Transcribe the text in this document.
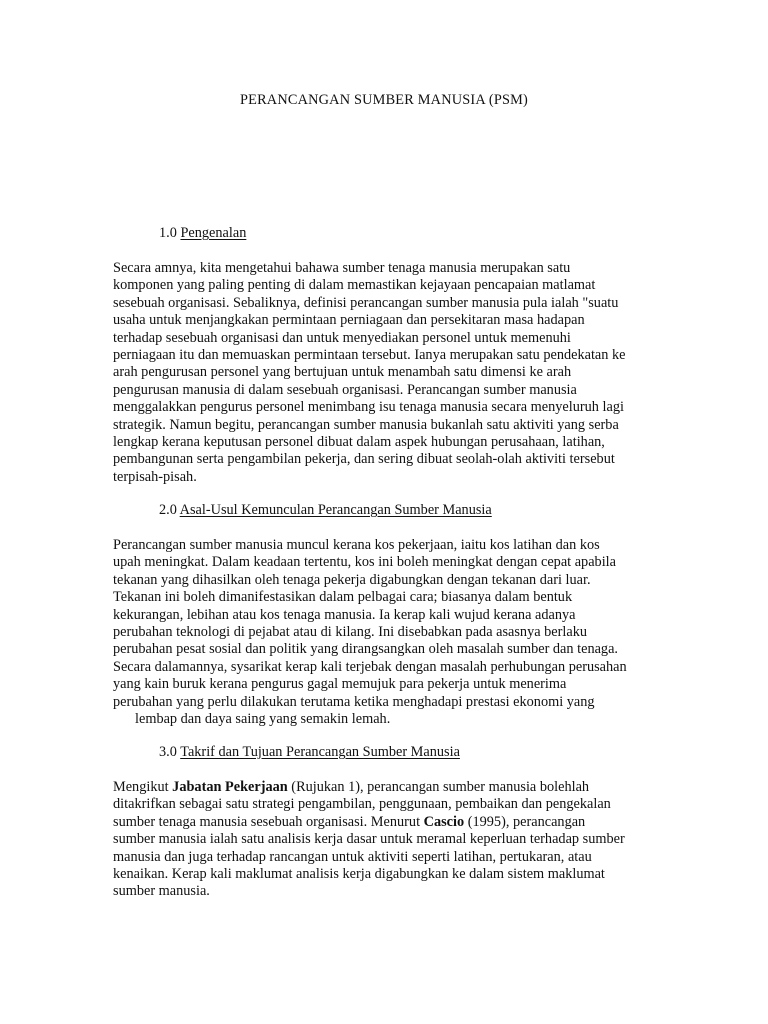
PERANCANGAN SUMBER MANUSIA (PSM)

1.0 Pengenalan

Secara amnya, kita mengetahui bahawa sumber tenaga manusia merupakan satu
komponen yang paling penting di dalam memastikan kejayaan pencapaian matlamat
sesebuah organisasi. Sebaliknya, definisi perancangan sumber manusia pula ialah "suatu
usaha untuk menjangkakan permintaan perniagaan dan persekitaran masa hadapan
terhadap sesebuah organisasi dan untuk menyediakan personel untuk memenuhi
perniagaan itu dan memuaskan permintaan tersebut. Ianya merupakan satu pendekatan ke
arah pengurusan personel yang bertujuan untuk menambah satu dimensi ke arah
pengurusan manusia di dalam sesebuah organisasi. Perancangan sumber manusia
menggalakkan pengurus personel menimbang isu tenaga manusia secara menyeluruh lagi
strategik. Namun begitu, perancangan sumber manusia bukanlah satu aktiviti yang serba
lengkap kerana keputusan personel dibuat dalam aspek hubungan perusahaan, latihan,
pembangunan serta pengambilan pekerja, dan sering dibuat seolah-olah aktiviti tersebut
terpisah-pisah.

2.0 Asal-Usul Kemunculan Perancangan Sumber Manusia

Perancangan sumber manusia muncul kerana kos pekerjaan, iaitu kos latihan dan kos
upah meningkat. Dalam keadaan tertentu, kos ini boleh meningkat dengan cepat apabila
tekanan yang dihasilkan oleh tenaga pekerja digabungkan dengan tekanan dari luar.
Tekanan ini boleh dimanifestasikan dalam pelbagai cara; biasanya dalam bentuk
kekurangan, lebihan atau kos tenaga manusia. Ia kerap kali wujud kerana adanya
perubahan teknologi di pejabat atau di kilang. Ini disebabkan pada asasnya berlaku
perubahan pesat sosial dan politik yang dirangsangkan oleh masalah sumber dan tenaga.
Secara dalamannya, sysarikat kerap kali terjebak dengan masalah perhubungan perusahan
yang kain buruk kerana pengurus gagal memujuk para pekerja untuk menerima
perubahan yang perlu dilakukan terutama ketika menghadapi prestasi ekonomi yang
lembap dan daya saing yang semakin lemah.

3.0 Takrif dan Tujuan Perancangan Sumber Manusia

Mengikut Jabatan Pekerjaan (Rujukan 1), perancangan sumber manusia bolehlah
ditakrifkan sebagai satu strategi pengambilan, penggunaan, pembaikan dan pengekalan
sumber tenaga manusia sesebuah organisasi. Menurut Cascio (1995), perancangan
sumber manusia ialah satu analisis kerja dasar untuk meramal keperluan terhadap sumber
manusia dan juga terhadap rancangan untuk aktiviti seperti latihan, pertukaran, atau
kenaikan. Kerap kali maklumat analisis kerja digabungkan ke dalam sistem maklumat
sumber manusia.
